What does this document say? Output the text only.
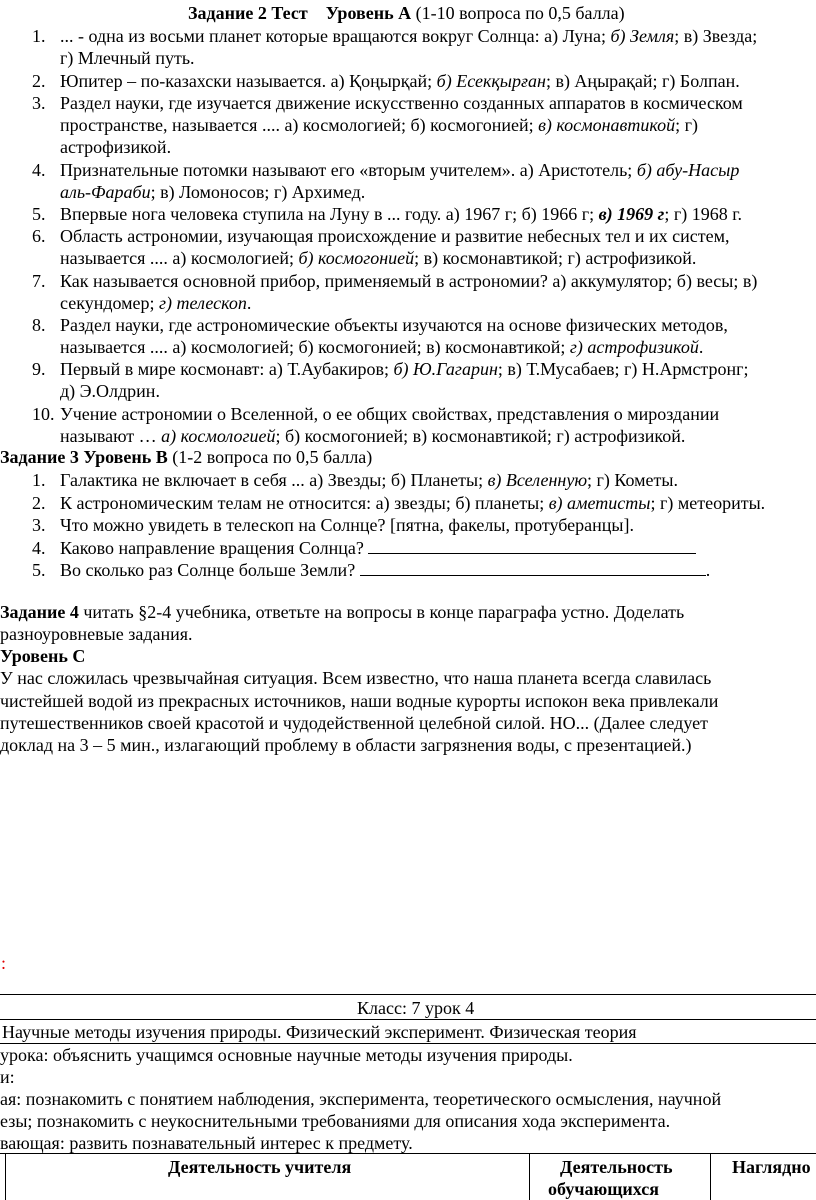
Задание 2 Тест Уровень А (1-10 вопроса по 0,5 балла)
1. ... - одна из восьми планет которые вращаются вокруг Солнца: а) Луна; б) Земля; в) Звезда;
г) Млечный путь.
2. Юпитер – по-казахски называется. а) Қоңырқай; б) Есекқырған; в) Аңырақай; г) Болпан.
3. Раздел науки, где изучается движение искусственно созданных аппаратов в космическом
пространстве, называется .... а) космологией; б) космогонией; в) космонавтикой; г)
астрофизикой.
4. Признательные потомки называют его «вторым учителем». а) Аристотель; б) абу-Насыр
аль-Фараби; в) Ломоносов; г) Архимед.
5. Впервые нога человека ступила на Луну в ... году. а) 1967 г; б) 1966 г; в) 1969 г; г) 1968 г.
6. Область астрономии, изучающая происхождение и развитие небесных тел и их систем,
называется .... а) космологией; б) космогонией; в) космонавтикой; г) астрофизикой.
7. Как называется основной прибор, применяемый в астрономии? а) аккумулятор; б) весы; в)
секундомер; г) телескоп.
8. Раздел науки, где астрономические объекты изучаются на основе физических методов,
называется .... а) космологией; б) космогонией; в) космонавтикой; г) астрофизикой.
9. Первый в мире космонавт: а) Т.Аубакиров; б) Ю.Гагарин; в) Т.Мусабаев; г) Н.Армстронг;
д) Э.Олдрин.
10. Учение астрономии о Вселенной, о ее общих свойствах, представления о мироздании
называют … а) космологией; б) космогонией; в) космонавтикой; г) астрофизикой.
Задание 3 Уровень В (1-2 вопроса по 0,5 балла)
1. Галактика не включает в себя ... а) Звезды; б) Планеты; в) Вселенную; г) Кометы.
2. К астрономическим телам не относится: а) звезды; б) планеты; в) аметисты; г) метеориты.
3. Что можно увидеть в телескоп на Солнце? [пятна, факелы, протуберанцы].
4. Каково направление вращения Солнца?
5. Во сколько раз Солнце больше Земли?	.
Задание 4 читать §2-4 учебника, ответьте на вопросы в конце параграфа устно. Доделать
разноуровневые задания.
Уровень С
У нас сложилась чрезвычайная ситуация. Всем известно, что наша планета всегда славилась
чистейшей водой из прекрасных источников, наши водные курорты испокон века привлекали
путешественников своей красотой и чудодейственной целебной силой. НО... (Далее следует
доклад на 3 – 5 мин., излагающий проблему в области загрязнения воды, с презентацией.)
:
Класс: 7 урок 4
Научные методы изучения природы. Физический эксперимент. Физическая теория
урока: объяснить учащимся основные научные методы изучения природы.
и:
ая: познакомить с понятием наблюдения, эксперимента, теоретического осмысления, научной
езы; познакомить с неукоснительными требованиями для описания хода эксперимента.
вающая: развить познавательный интерес к предмету.
Деятельность учителя	Деятельность
обучающихся
Наглядно
